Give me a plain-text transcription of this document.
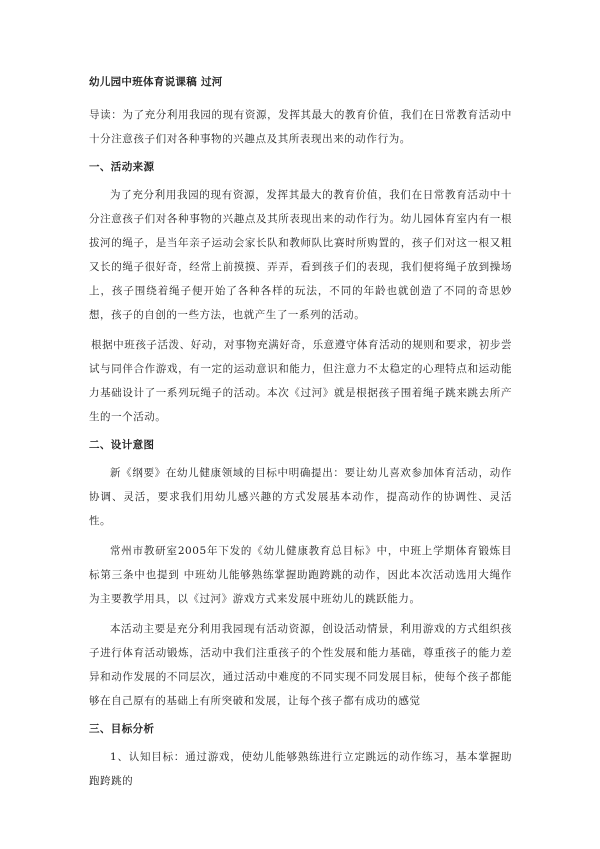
幼儿园中班体育说课稿 过河
导读：为了充分利用我园的现有资源，发挥其最大的教育价值，我们在日常教育活动中十分注意孩子们对各种事物的兴趣点及其所表现出来的动作行为。
一、活动来源
为了充分利用我园的现有资源，发挥其最大的教育价值，我们在日常教育活动中十分注意孩子们对各种事物的兴趣点及其所表现出来的动作行为。幼儿园体育室内有一根拔河的绳子，是当年亲子运动会家长队和教师队比赛时所购置的，孩子们对这一根又粗又长的绳子很好奇，经常上前摸摸、弄弄，看到孩子们的表现，我们便将绳子放到操场上，孩子围绕着绳子便开始了各种各样的玩法，不同的年龄也就创造了不同的奇思妙想，孩子的自创的一些方法，也就产生了一系列的活动。
根据中班孩子活泼、好动，对事物充满好奇，乐意遵守体育活动的规则和要求，初步尝试与同伴合作游戏，有一定的运动意识和能力，但注意力不太稳定的心理特点和运动能力基础设计了一系列玩绳子的活动。本次《过河》就是根据孩子围着绳子跳来跳去所产生的一个活动。
二、设计意图
新《纲要》在幼儿健康领域的目标中明确提出：要让幼儿喜欢参加体育活动，动作协调、灵活，要求我们用幼儿感兴趣的方式发展基本动作，提高动作的协调性、灵活性。
常州市教研室2005年下发的《幼儿健康教育总目标》中，中班上学期体育锻炼目标第三条中也提到 中班幼儿能够熟练掌握助跑跨跳的动作，因此本次活动选用大绳作为主要教学用具，以《过河》游戏方式来发展中班幼儿的跳跃能力。
本活动主要是充分利用我园现有活动资源，创设活动情景，利用游戏的方式组织孩子进行体育活动锻炼，活动中我们注重孩子的个性发展和能力基础，尊重孩子的能力差异和动作发展的不同层次，通过活动中难度的不同实现不同发展目标，使每个孩子都能够在自己原有的基础上有所突破和发展，让每个孩子都有成功的感觉
三、目标分析
1、认知目标：通过游戏，使幼儿能够熟练进行立定跳远的动作练习，基本掌握助跑跨跳的
